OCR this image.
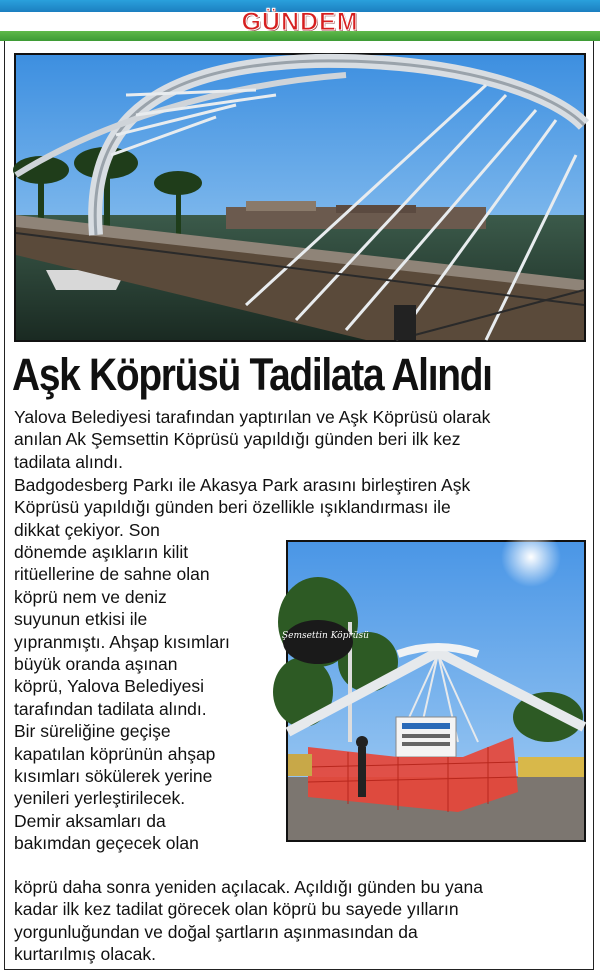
GÜNDEM
Aşk Köprüsü Tadilata Alındı

Yalova Belediyesi tarafından yaptırılan ve Aşk Köprüsü olarak
anılan Ak Şemsettin Köprüsü yapıldığı günden beri ilk kez
tadilata alındı.

Badgodesberg Parkı ile Akasya Park arasını birleştiren Aşk
Köprüsü yapıldığı günden beri özellikle ışıklandırması ile
dikkat çekiyor. Son

dönemde aşıkların kilit
ritüellerine de sahne olan
köprü nem ve deniz
suyunun etkisi ile
yıpranmıştı. Ahşap kısımları
büyük oranda aşınan
köprü, Yalova Belediyesi
tarafından tadilata alındı.
Bir süreliğine geçişe
kapatılan köprünün ahşap
kısımları sökülerek yerine
yenileri yerleştirilecek.
Demir aksamları da
bakımdan geçecek olan

Ak Şemsettin Köprüsü

köprü daha sonra yeniden açılacak. Açıldığı günden bu yana
kadar ilk kez tadilat görecek olan köprü bu sayede yılların
yorgunluğundan ve doğal şartların aşınmasından da
kurtarılmış olacak.
